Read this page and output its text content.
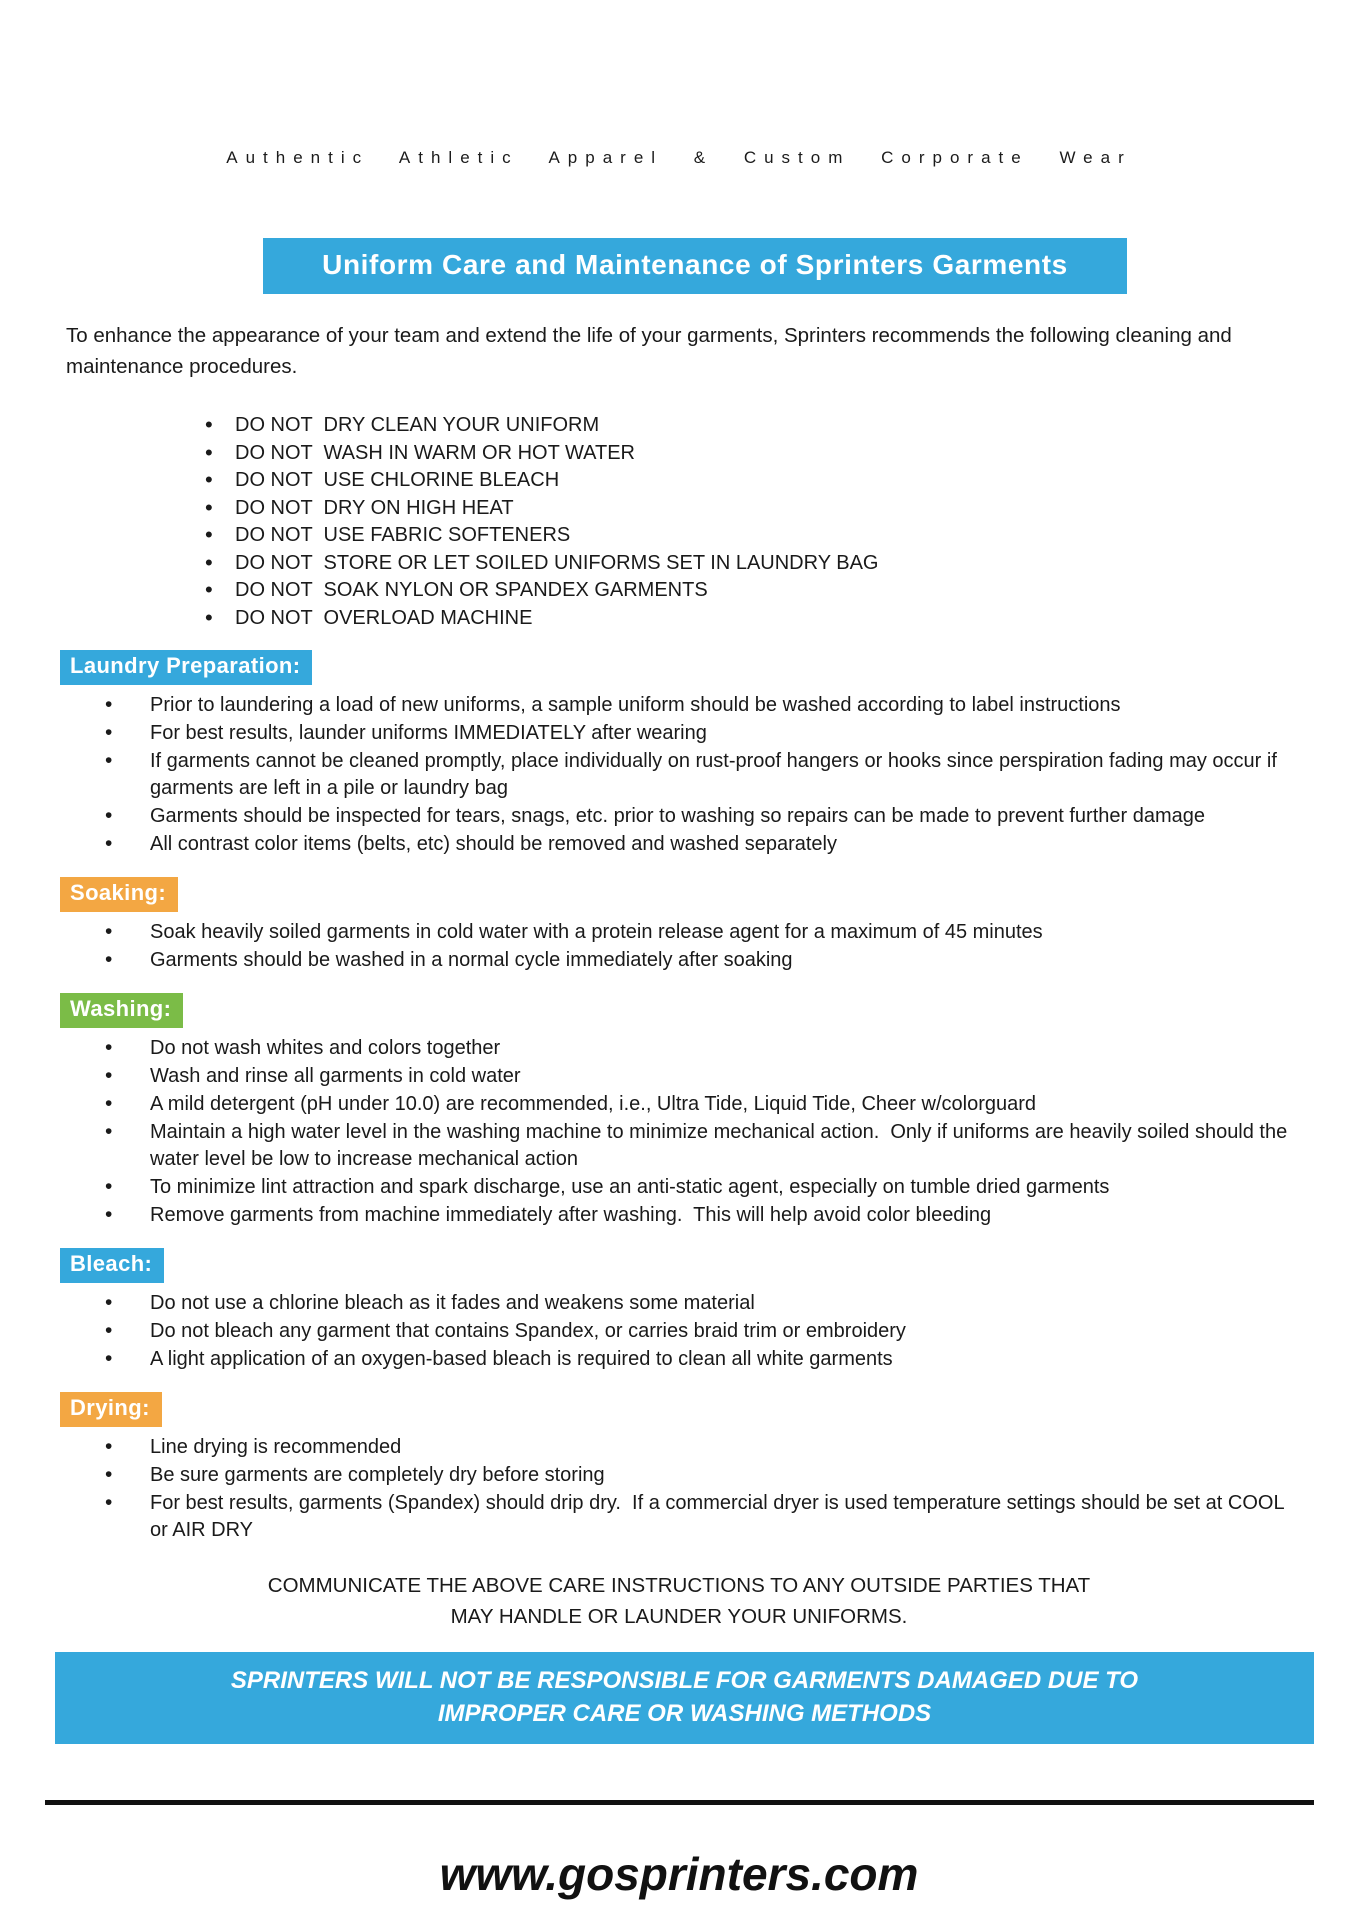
Authentic Athletic Apparel & Custom Corporate Wear
Uniform Care and Maintenance of Sprinters Garments

To enhance the appearance of your team and extend the life of your garments, Sprinters recommends the following cleaning and maintenance procedures.

• DO NOT  DRY CLEAN YOUR UNIFORM
• DO NOT  WASH IN WARM OR HOT WATER
• DO NOT  USE CHLORINE BLEACH
• DO NOT  DRY ON HIGH HEAT
• DO NOT  USE FABRIC SOFTENERS
• DO NOT  STORE OR LET SOILED UNIFORMS SET IN LAUNDRY BAG
• DO NOT  SOAK NYLON OR SPANDEX GARMENTS
• DO NOT  OVERLOAD MACHINE
Laundry Preparation:
• Prior to laundering a load of new uniforms, a sample uniform should be washed according to label instructions
• For best results, launder uniforms IMMEDIATELY after wearing
• If garments cannot be cleaned promptly, place individually on rust-proof hangers or hooks since perspiration fading may occur if garments are left in a pile or laundry bag
• Garments should be inspected for tears, snags, etc. prior to washing so repairs can be made to prevent further damage
• All contrast color items (belts, etc) should be removed and washed separately
Soaking:
• Soak heavily soiled garments in cold water with a protein release agent for a maximum of 45 minutes
• Garments should be washed in a normal cycle immediately after soaking
Washing:
• Do not wash whites and colors together
• Wash and rinse all garments in cold water
• A mild detergent (pH under 10.0) are recommended, i.e., Ultra Tide, Liquid Tide, Cheer w/colorguard
• Maintain a high water level in the washing machine to minimize mechanical action.  Only if uniforms are heavily soiled should the water level be low to increase mechanical action
• To minimize lint attraction and spark discharge, use an anti-static agent, especially on tumble dried garments
• Remove garments from machine immediately after washing.  This will help avoid color bleeding
Bleach:
• Do not use a chlorine bleach as it fades and weakens some material
• Do not bleach any garment that contains Spandex, or carries braid trim or embroidery
• A light application of an oxygen-based bleach is required to clean all white garments
Drying:
• Line drying is recommended
• Be sure garments are completely dry before storing
• For best results, garments (Spandex) should drip dry.  If a commercial dryer is used temperature settings should be set at COOL or AIR DRY
COMMUNICATE THE ABOVE CARE INSTRUCTIONS TO ANY OUTSIDE PARTIES THAT
MAY HANDLE OR LAUNDER YOUR UNIFORMS.
SPRINTERS WILL NOT BE RESPONSIBLE FOR GARMENTS DAMAGED DUE TO
IMPROPER CARE OR WASHING METHODS
www.gosprinters.com
